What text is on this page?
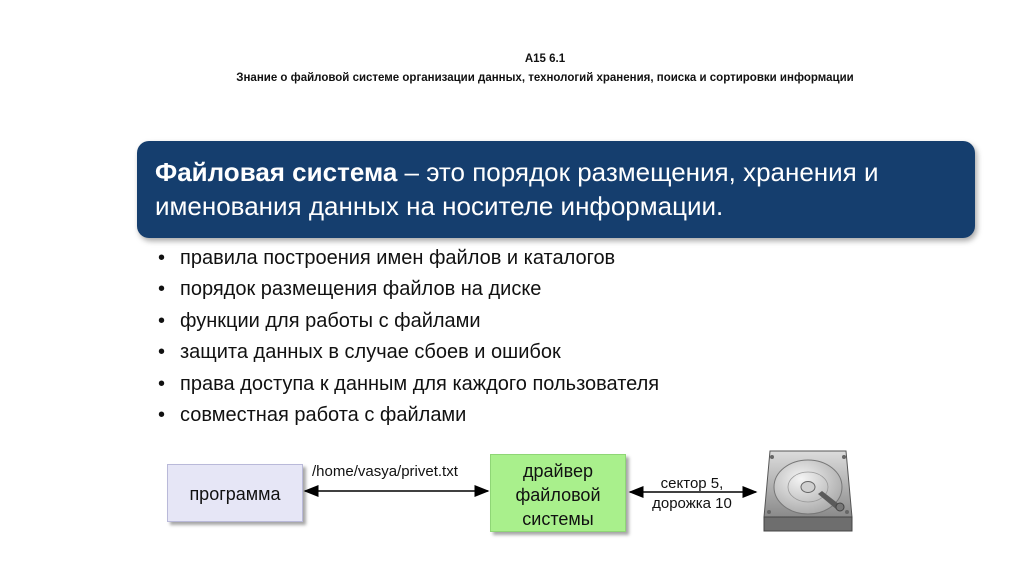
А15 6.1
Знание о файловой системе организации данных, технологий хранения, поиска и сортировки информации
Файловая система – это порядок размещения, хранения и именования данных на носителе информации.
• правила построения имен файлов и каталогов
• порядок размещения файлов на диске
• функции для работы с файлами
• защита данных в случае сбоев и ошибок
• права доступа к данным для каждого пользователя
• совместная работа с файлами
программа
/home/vasya/privet.txt	драйвер
файловой
системы
сектор 5,
дорожка 10
